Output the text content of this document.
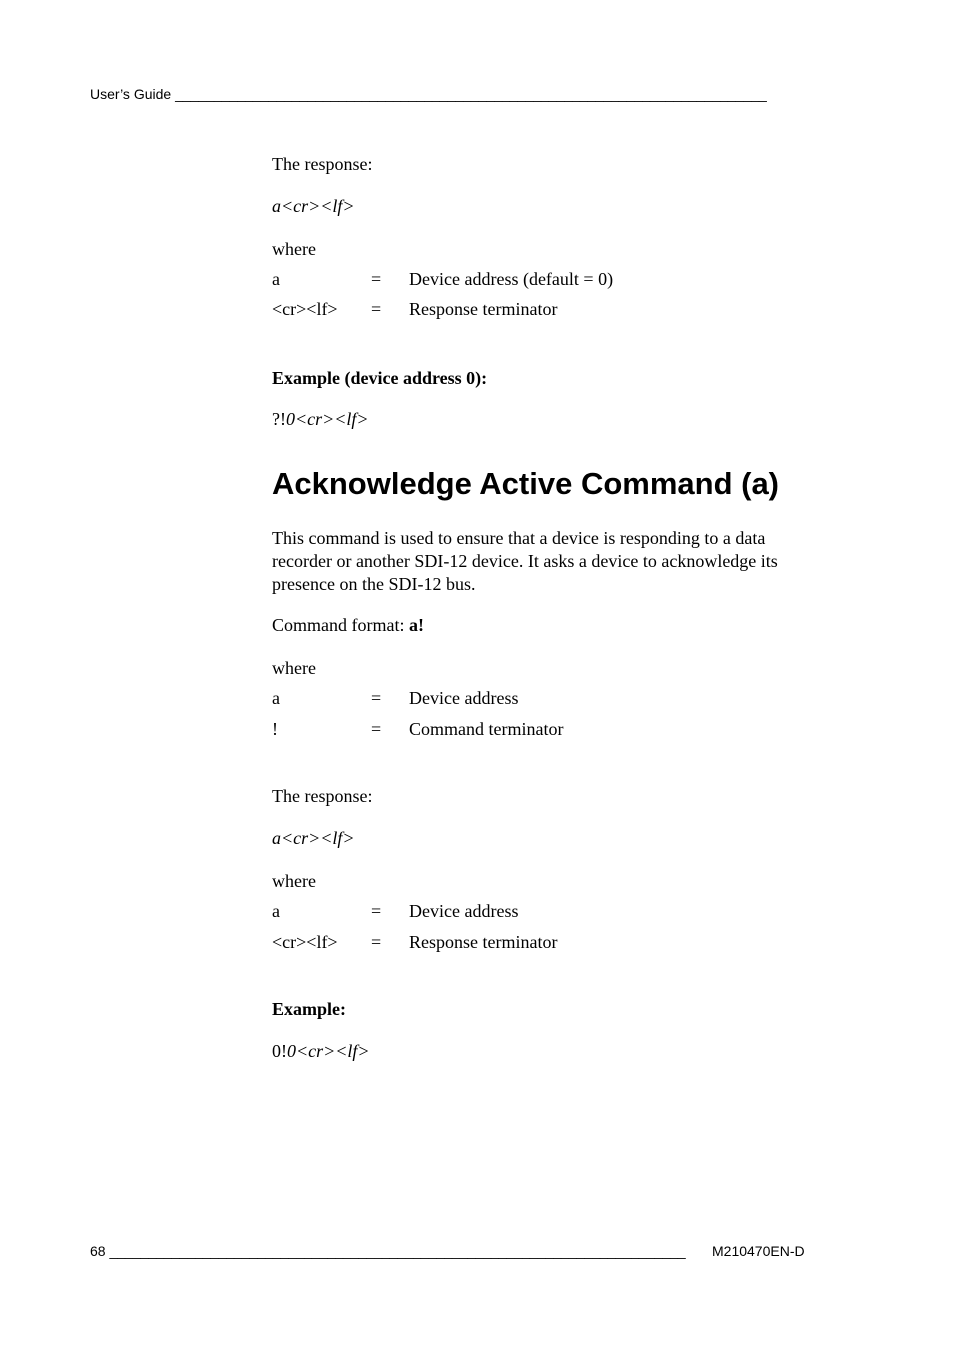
User’s Guide ____________________________________________________________________________
The response:
a<cr><lf>
where
a	= Device address (default = 0)
<cr><lf> = Response terminator
Example (device address 0):
?!0<cr><lf>
Acknowledge Active Command (a)
This command is used to ensure that a device is responding to a data recorder or another SDI-12 device. It asks a device to acknowledge its presence on the SDI-12 bus.
Command format: a!
where
a	= Device address
!	= Command terminator
The response:
a<cr><lf>
where
a	= Device address
<cr><lf> = Response terminator
Example:
0!0<cr><lf>
68 __________________________________________________________________________ M210470EN-D
